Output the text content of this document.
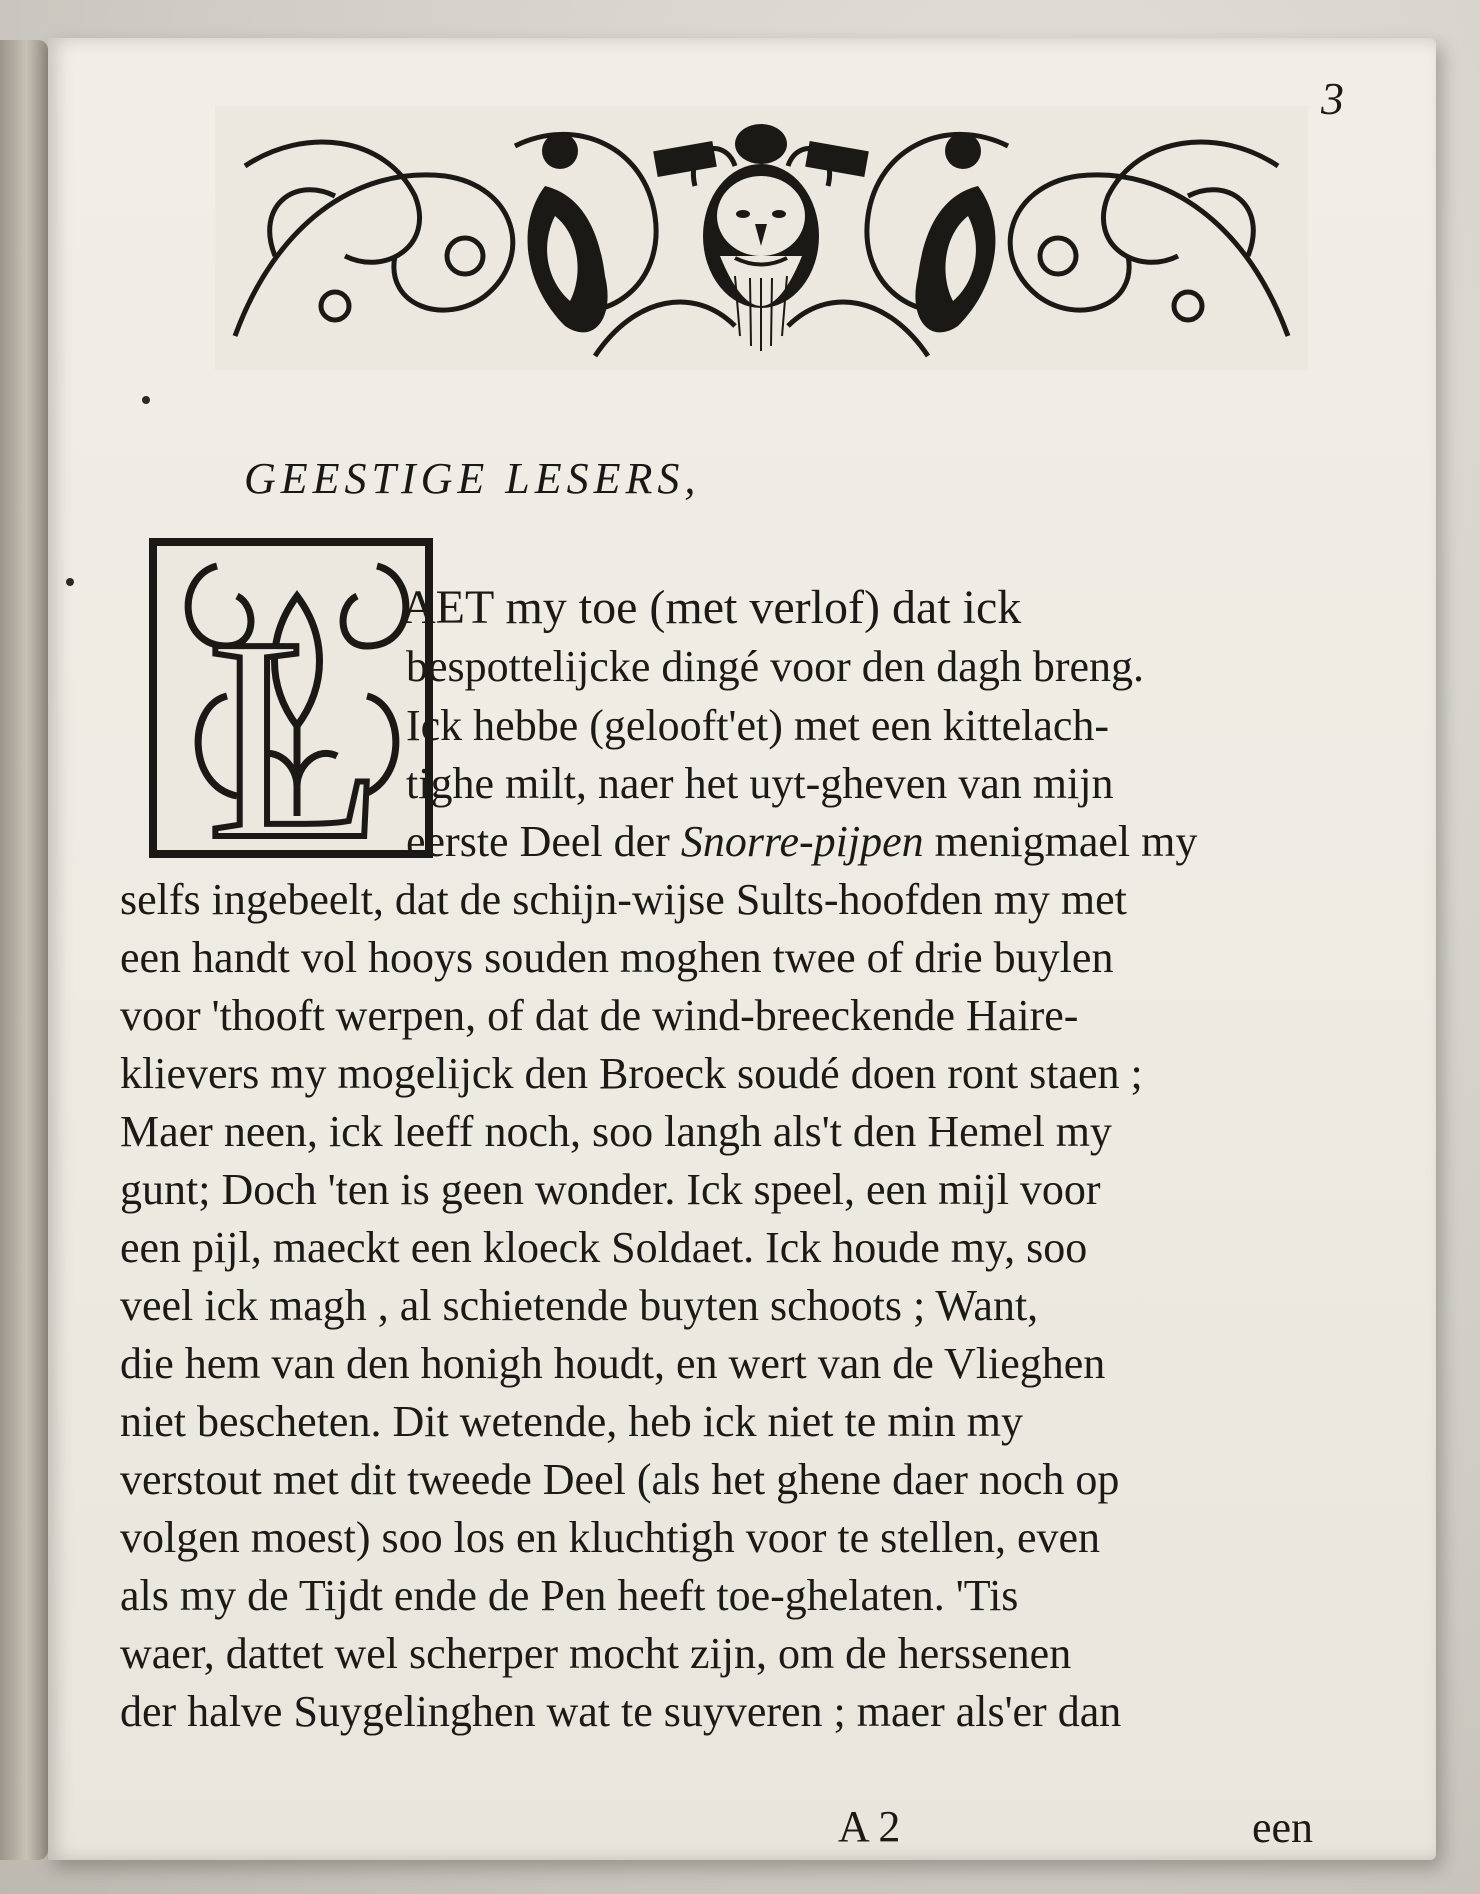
3
GEESTIGE LESERS,
L AET my toe (met verlof) dat ick
bespottelijcke dingé voor den dagh breng.
Ick hebbe (gelooft'et) met een kittelach-
tighe milt, naer het uyt-gheven van mijn
eerste Deel der Snorre-pijpen menigmael my
selfs ingebeelt, dat de schijn-wijse Sults-hoofden my met
een handt vol hooys souden moghen twee of drie buylen
voor 'thooft werpen, of dat de wind-breeckende Haire-
klievers my mogelijck den Broeck soudé doen ront staen ;
Maer neen, ick leeff noch, soo langh als't den Hemel my
gunt; Doch 'ten is geen wonder. Ick speel, een mijl voor
een pijl, maeckt een kloeck Soldaet. Ick houde my, soo
veel ick magh , al schietende buyten schoots ; Want,
die hem van den honigh houdt, en wert van de Vlieghen
niet bescheten. Dit wetende, heb ick niet te min my
verstout met dit tweede Deel (als het ghene daer noch op
volgen moest) soo los en kluchtigh voor te stellen, even
als my de Tijdt ende de Pen heeft toe-ghelaten. 'Tis
waer, dattet wel scherper mocht zijn, om de herssenen
der halve Suygelinghen wat te suyveren ; maer als'er dan
A 2	een
